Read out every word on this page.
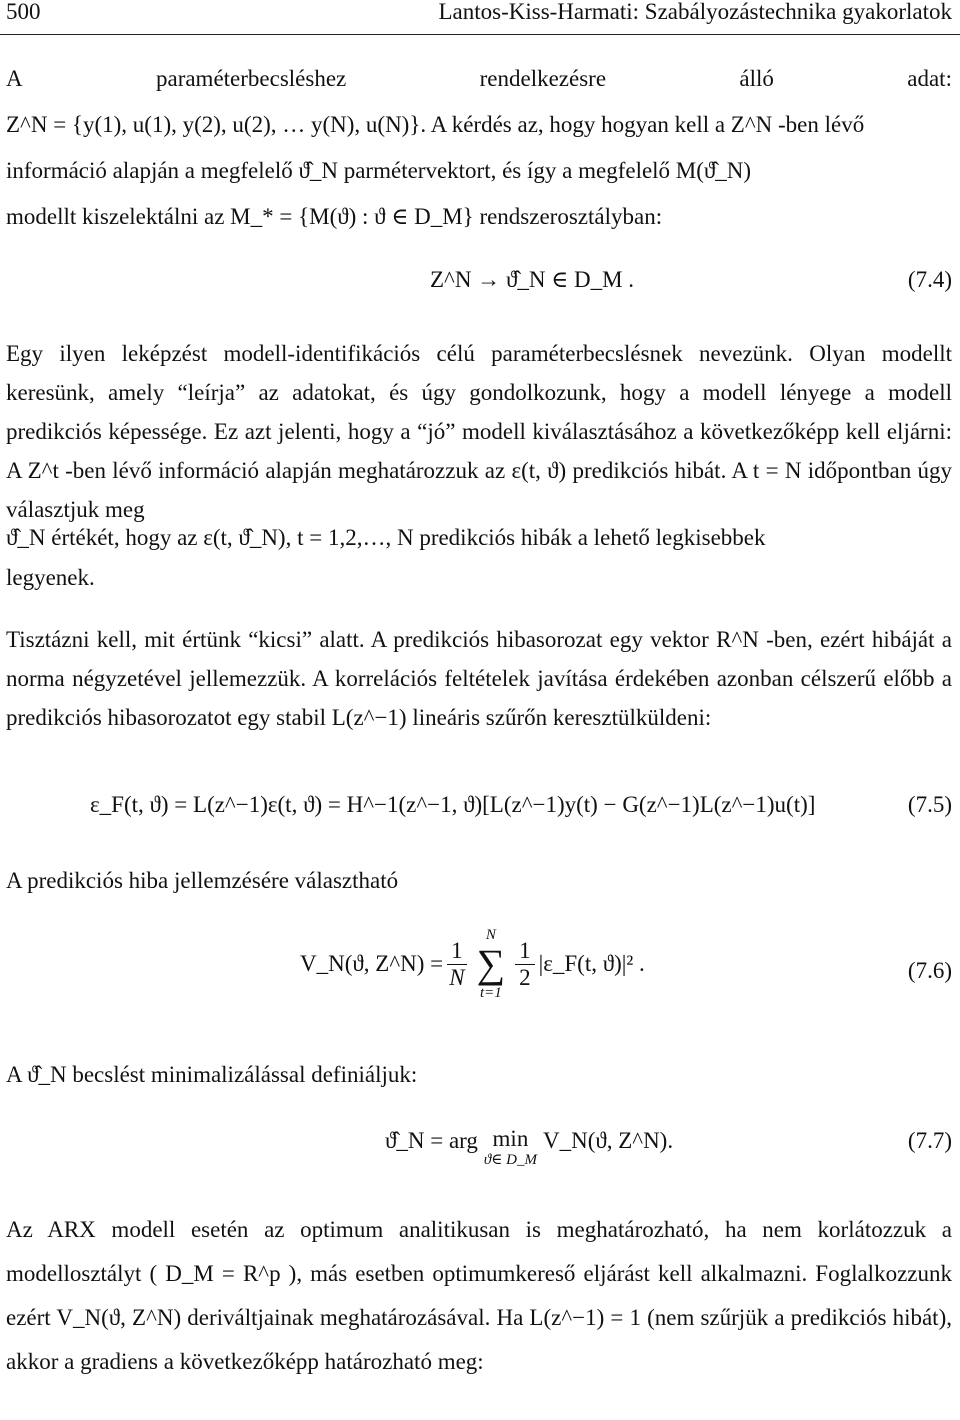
500	Lantos-Kiss-Harmati: Szabályozástechnika gyakorlatok
A	paraméterbecsléshez	rendelkezésre	álló	adat:
Z^N = {y(1), u(1), y(2), u(2), … y(N), u(N)}. A kérdés az, hogy hogyan kell a Z^N -ben lévő
információ alapján a megfelelő ϑ̂_N parmétervektort, és így a megfelelő M(ϑ̂_N)
modellt kiszelektálni az M_* = {M(ϑ) : ϑ ∈ D_M} rendszerosztályban:
Z^N → ϑ̂_N ∈ D_M .	(7.4)
Egy ilyen leképzést modell-identifikációs célú paraméterbecslésnek nevezünk. Olyan modellt keresünk, amely “leírja” az adatokat, és úgy gondolkozunk, hogy a modell lényege a modell predikciós képessége. Ez azt jelenti, hogy a “jó” modell kiválasztásához a következőképp kell eljárni: A Z^t -ben lévő információ alapján meghatározzuk az ε(t, ϑ) predikciós hibát. A t = N időpontban úgy választjuk meg
ϑ̂_N értékét, hogy az ε(t, ϑ̂_N), t = 1,2,…, N predikciós hibák a lehető legkisebbek
legyenek.
Tisztázni kell, mit értünk “kicsi” alatt. A predikciós hibasorozat egy vektor R^N -ben, ezért hibáját a norma négyzetével jellemezzük. A korrelációs feltételek javítása érdekében azonban célszerű előbb a predikciós hibasorozatot egy stabil L(z^−1) lineáris szűrőn keresztülküldeni:
ε_F(t, ϑ) = L(z^−1)ε(t, ϑ) = H^−1(z^−1, ϑ)[L(z^−1)y(t) − G(z^−1)L(z^−1)u(t)]	(7.5)
A predikciós hiba jellemzésére választható
V_N(ϑ, Z^N) = $\frac{1}{N}$
N
∑
t=1
$\frac{1}{2}$ |ε_F(t, ϑ)|² .	(7.6)
A ϑ̂_N becslést minimalizálással definiáljuk:
ϑ̂_N = arg min
ϑ∈ D_M
V_N(ϑ, Z^N).	(7.7)
Az ARX modell esetén az optimum analitikusan is meghatározható, ha nem korlátozzuk a modellosztályt ( D_M = R^p ), más esetben optimumkereső eljárást kell alkalmazni. Foglalkozzunk ezért V_N(ϑ, Z^N) deriváltjainak meghatározásával. Ha L(z^−1) = 1 (nem szűrjük a predikciós hibát), akkor a gradiens a következőképp határozható meg:
